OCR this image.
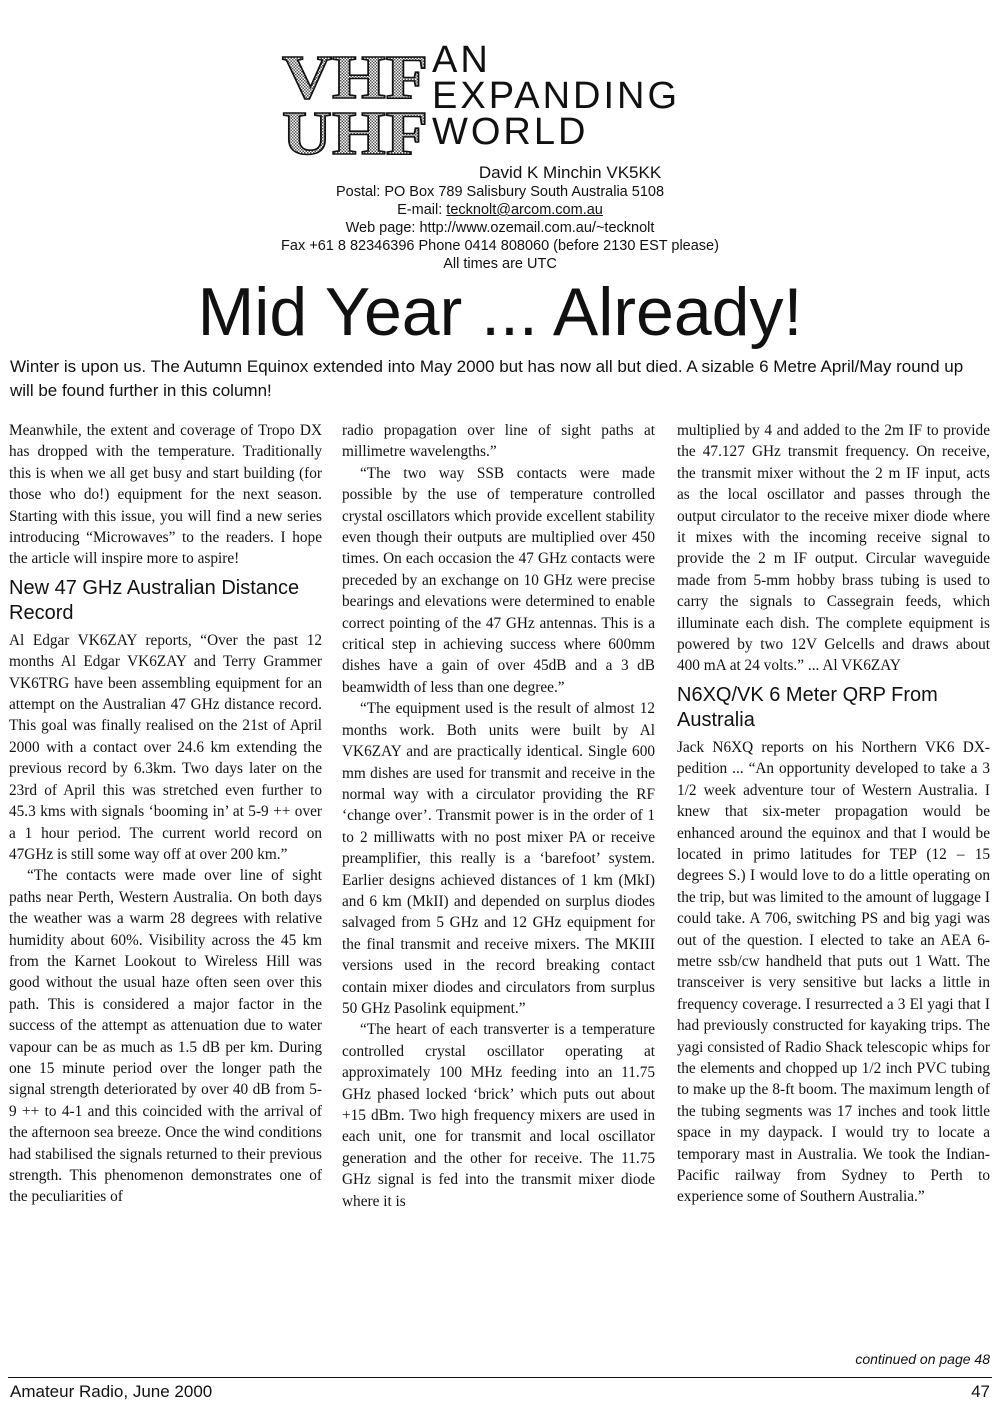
VHF
UHF
AN
EXPANDING
WORLD
David K Minchin VK5KK
Postal: PO Box 789 Salisbury South Australia 5108
E-mail: tecknolt@arcom.com.au
Web page: http://www.ozemail.com.au/~tecknolt
Fax +61 8 82346396 Phone 0414 808060 (before 2130 EST please)
All times are UTC
Mid Year ... Already!

Winter is upon us. The Autumn Equinox extended into May 2000 but has now all but died. A sizable 6 Metre April/May round up will be found further in this column!

Meanwhile, the extent and coverage of Tropo DX has dropped with the temperature. Traditionally this is when we all get busy and start building (for those who do!) equipment for the next season. Starting with this issue, you will find a new series introducing “Microwaves” to the readers. I hope the article will inspire more to aspire!

New 47 GHz Australian Distance Record

Al Edgar VK6ZAY reports, “Over the past 12 months Al Edgar VK6ZAY and Terry Grammer VK6TRG have been assembling equipment for an attempt on the Australian 47 GHz distance record. This goal was finally realised on the 21st of April 2000 with a contact over 24.6 km extending the previous record by 6.3km. Two days later on the 23rd of April this was stretched even further to 45.3 kms with signals ‘booming in’ at 5-9 ++ over a 1 hour period. The current world record on 47GHz is still some way off at over 200 km.”

“The contacts were made over line of sight paths near Perth, Western Australia. On both days the weather was a warm 28 degrees with relative humidity about 60%. Visibility across the 45 km from the Karnet Lookout to Wireless Hill was good without the usual haze often seen over this path. This is considered a major factor in the success of the attempt as attenuation due to water vapour can be as much as 1.5 dB per km. During one 15 minute period over the longer path the signal strength deteriorated by over 40 dB from 5-9 ++ to 4-1 and this coincided with the arrival of the afternoon sea breeze. Once the wind conditions had stabilised the signals returned to their previous strength. This phenomenon demonstrates one of the peculiarities of

radio propagation over line of sight paths at millimetre wavelengths.”

“The two way SSB contacts were made possible by the use of temperature controlled crystal oscillators which provide excellent stability even though their outputs are multiplied over 450 times. On each occasion the 47 GHz contacts were preceded by an exchange on 10 GHz were precise bearings and elevations were determined to enable correct pointing of the 47 GHz antennas. This is a critical step in achieving success where 600mm dishes have a gain of over 45dB and a 3 dB beamwidth of less than one degree.”

“The equipment used is the result of almost 12 months work. Both units were built by Al VK6ZAY and are practically identical. Single 600 mm dishes are used for transmit and receive in the normal way with a circulator providing the RF ‘change over’. Transmit power is in the order of 1 to 2 milliwatts with no post mixer PA or receive preamplifier, this really is a ‘barefoot’ system. Earlier designs achieved distances of 1 km (MkI) and 6 km (MkII) and depended on surplus diodes salvaged from 5 GHz and 12 GHz equipment for the final transmit and receive mixers. The MKIII versions used in the record breaking contact contain mixer diodes and circulators from surplus 50 GHz Pasolink equipment.”

“The heart of each transverter is a temperature controlled crystal oscillator operating at approximately 100 MHz feeding into an 11.75 GHz phased locked ‘brick’ which puts out about +15 dBm. Two high frequency mixers are used in each unit, one for transmit and local oscillator generation and the other for receive. The 11.75 GHz signal is fed into the transmit mixer diode where it is

multiplied by 4 and added to the 2m IF to provide the 47.127 GHz transmit frequency. On receive, the transmit mixer without the 2 m IF input, acts as the local oscillator and passes through the output circulator to the receive mixer diode where it mixes with the incoming receive signal to provide the 2 m IF output. Circular waveguide made from 5-mm hobby brass tubing is used to carry the signals to Cassegrain feeds, which illuminate each dish. The complete equipment is powered by two 12V Gelcells and draws about 400 mA at 24 volts.” ... Al VK6ZAY

N6XQ/VK 6 Meter QRP From Australia

Jack N6XQ reports on his Northern VK6 DX-pedition ... “An opportunity developed to take a 3 1/2 week adventure tour of Western Australia. I knew that six-meter propagation would be enhanced around the equinox and that I would be located in primo latitudes for TEP (12 – 15 degrees S.) I would love to do a little operating on the trip, but was limited to the amount of luggage I could take. A 706, switching PS and big yagi was out of the question. I elected to take an AEA 6-metre ssb/cw handheld that puts out 1 Watt. The transceiver is very sensitive but lacks a little in frequency coverage. I resurrected a 3 El yagi that I had previously constructed for kayaking trips. The yagi consisted of Radio Shack telescopic whips for the elements and chopped up 1/2 inch PVC tubing to make up the 8-ft boom. The maximum length of the tubing segments was 17 inches and took little space in my daypack. I would try to locate a temporary mast in Australia. We took the Indian-Pacific railway from Sydney to Perth to experience some of Southern Australia.”

continued on page 48
Amateur Radio, June 2000	47
